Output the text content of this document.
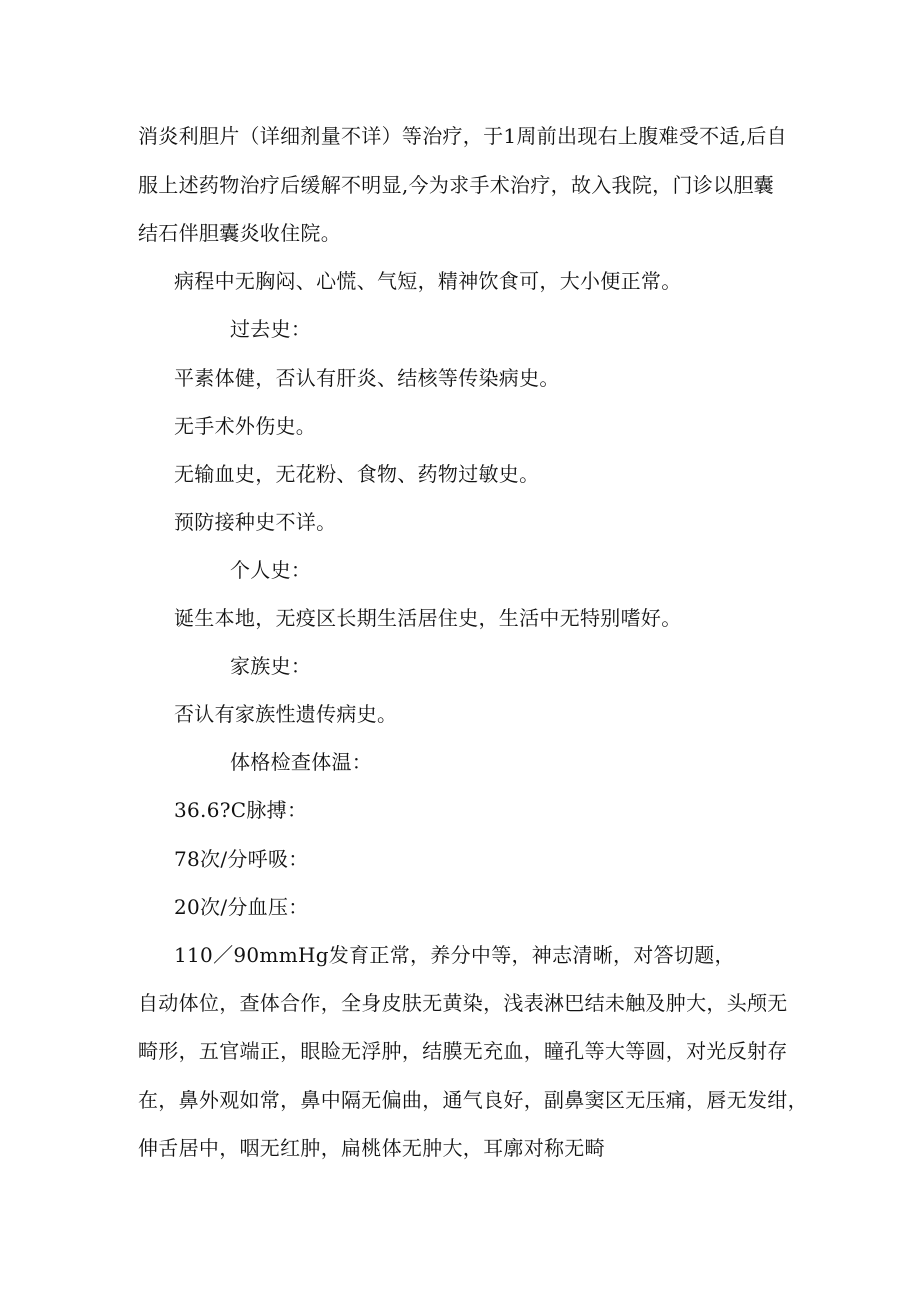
消炎利胆片（详细剂量不详）等治疗，于1周前出现右上腹难受不适,后自
服上述药物治疗后缓解不明显,今为求手术治疗，故入我院，门诊以胆囊
结石伴胆囊炎收住院。
病程中无胸闷、心慌、气短，精神饮食可，大小便正常。
过去史：
平素体健，否认有肝炎、结核等传染病史。
无手术外伤史。
无输血史，无花粉、食物、药物过敏史。
预防接种史不详。
个人史：
诞生本地，无疫区长期生活居住史，生活中无特别嗜好。
家族史：
否认有家族性遗传病史。
体格检查体温：
36.6?C脉搏：
78次/分呼吸：
20次/分血压：
110／90mmHg发育正常，养分中等，神志清晰，对答切题，
自动体位，查体合作，全身皮肤无黄染，浅表淋巴结未触及肿大，头颅无
畸形，五官端正，眼睑无浮肿，结膜无充血，瞳孔等大等圆，对光反射存
在，鼻外观如常，鼻中隔无偏曲，通气良好，副鼻窦区无压痛，唇无发绀，
伸舌居中，咽无红肿，扁桃体无肿大，耳廓对称无畸
